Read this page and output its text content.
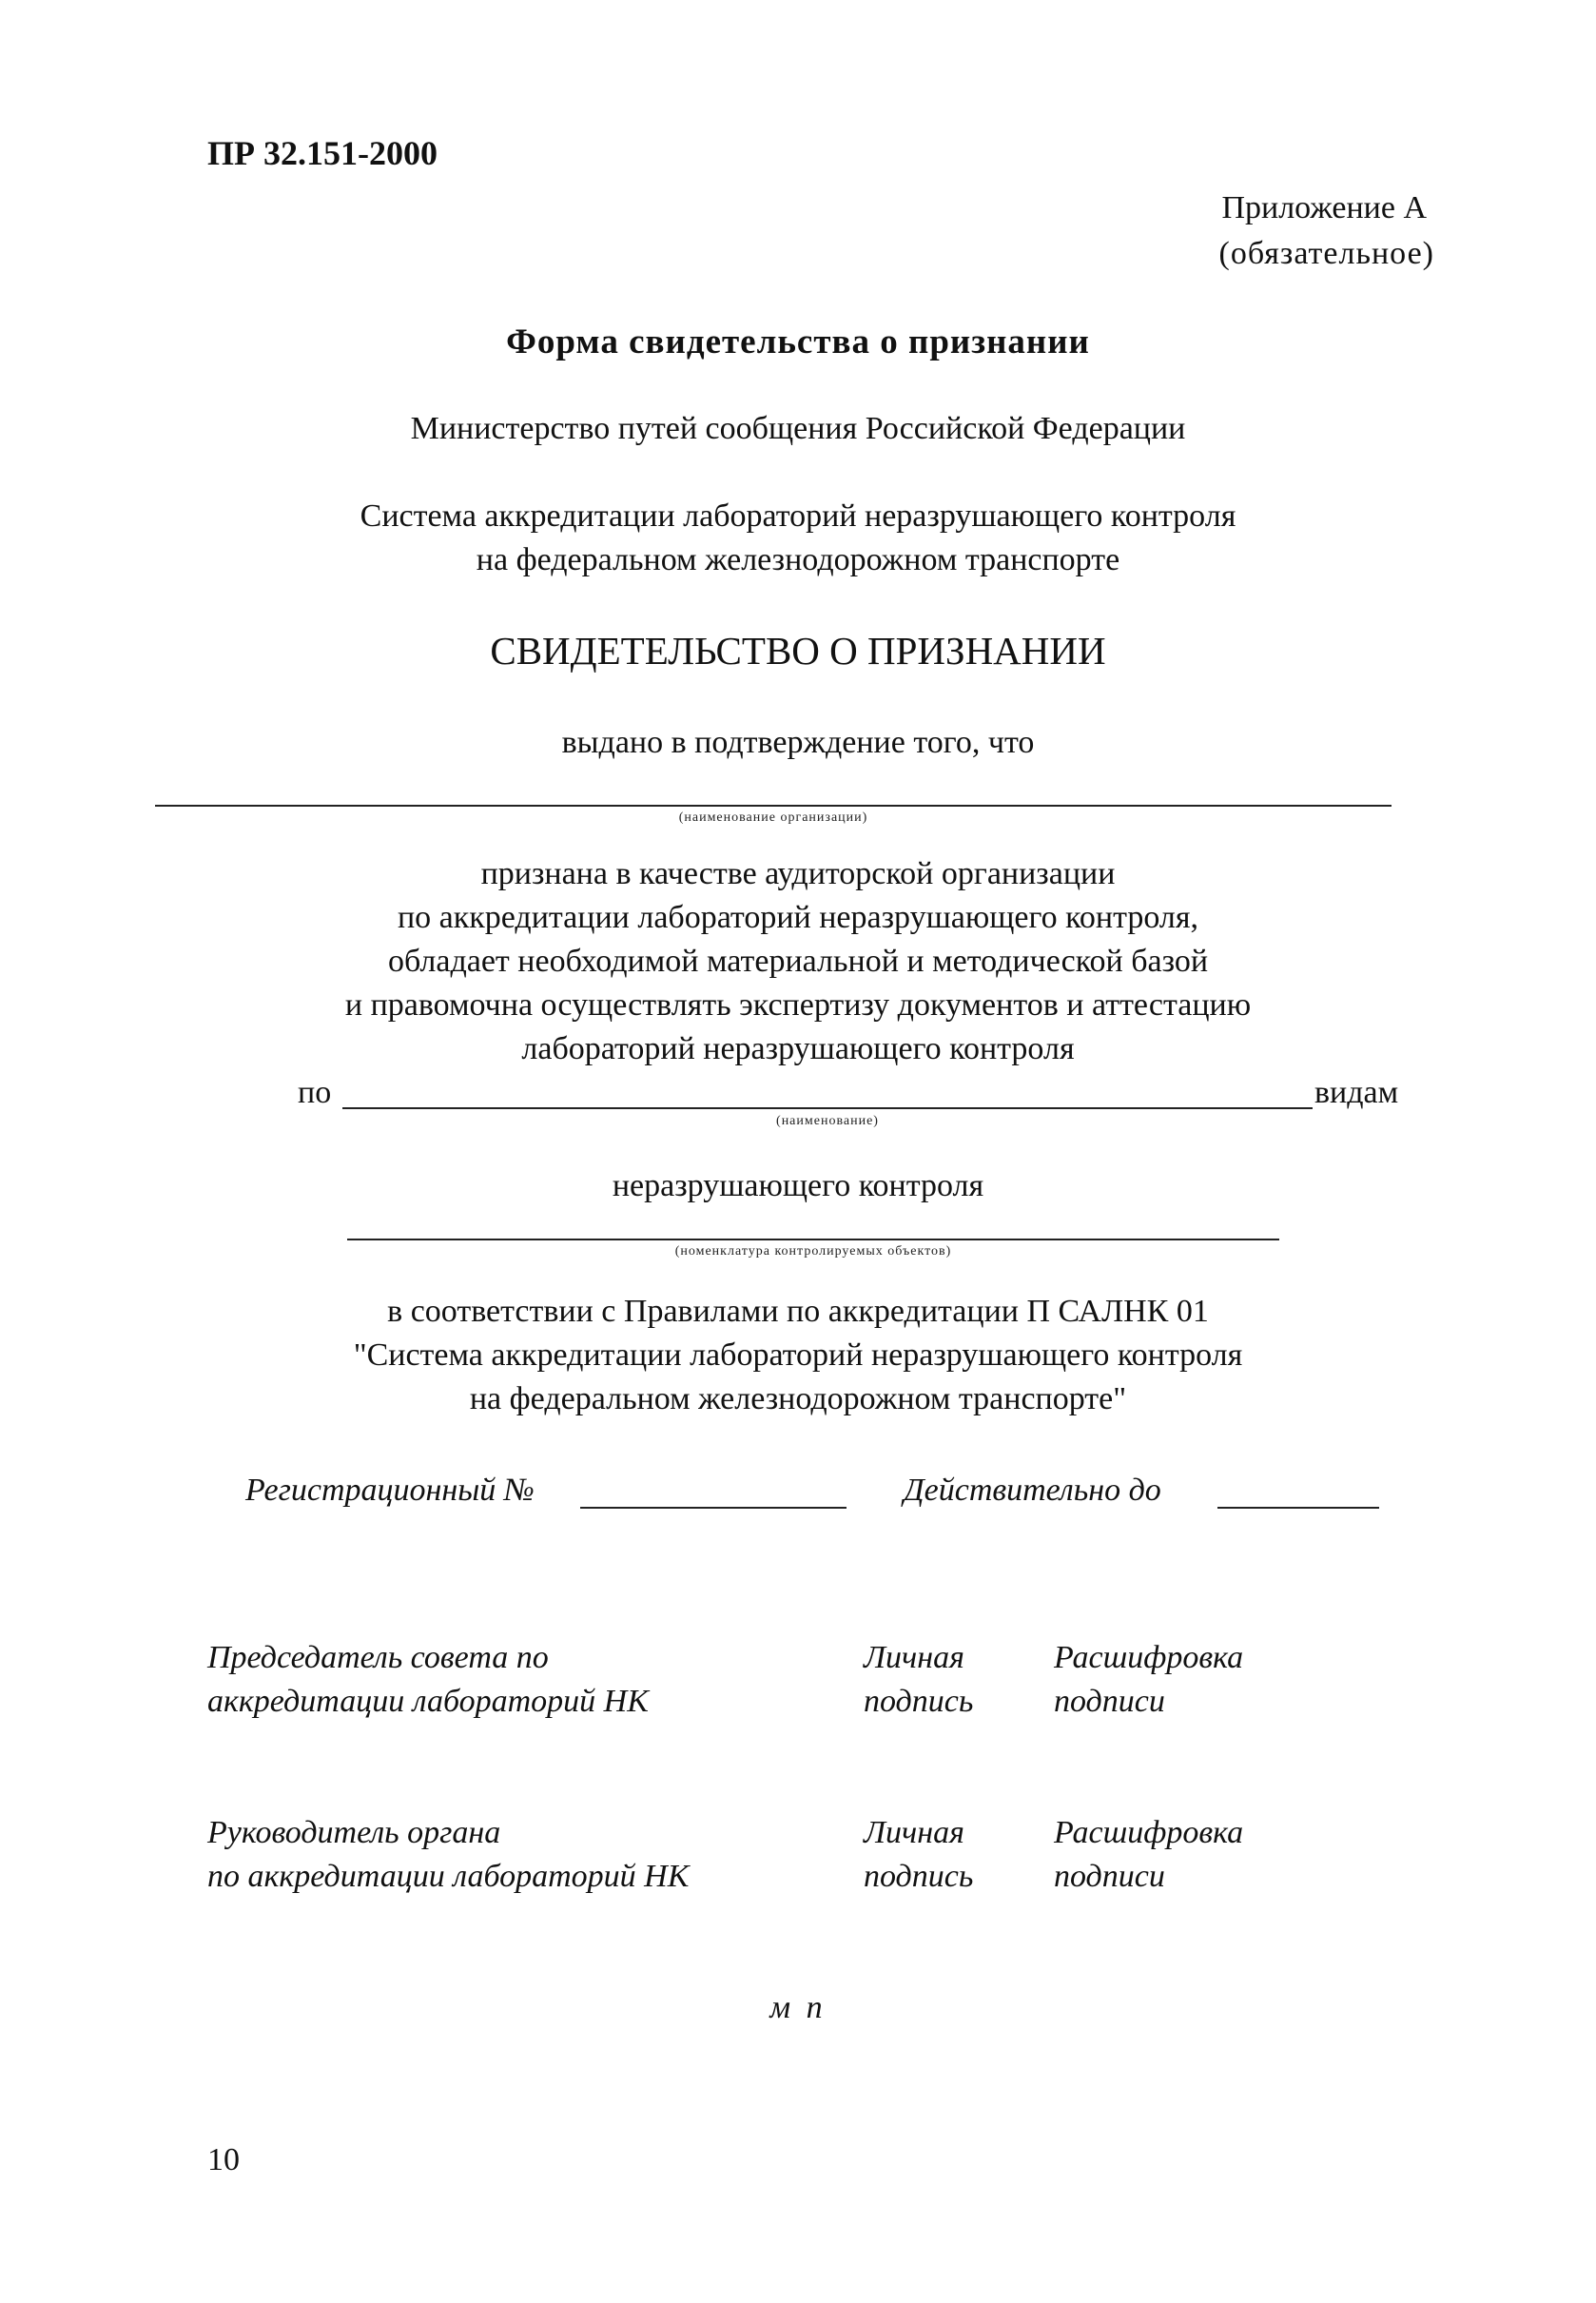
ПР 32.151-2000
Приложение А
(обязательное)
Форма свидетельства о признании
Министерство путей сообщения Российской Федерации
Система аккредитации лабораторий неразрушающего контроля
на федеральном железнодорожном транспорте
СВИДЕТЕЛЬСТВО О ПРИЗНАНИИ
выдано в подтверждение того, что
(наименование организации)
признана в качестве аудиторской организации
по аккредитации лабораторий неразрушающего контроля,
обладает необходимой материальной и методической базой
и правомочна осуществлять экспертизу документов и аттестацию
лабораторий неразрушающего контроля
по	видам
(наименование)
неразрушающего контроля
(номенклатура контролируемых объектов)
в соответствии с Правилами по аккредитации П САЛНК 01
"Система аккредитации лабораторий неразрушающего контроля
на федеральном железнодорожном транспорте"
Регистрационный №	Действительно до
Председатель совета по
аккредитации лабораторий НК
Личная
подпись
Расшифровка
подписи
Руководитель органа
по аккредитации лабораторий НК
Личная
подпись
Расшифровка
подписи
м п
10
